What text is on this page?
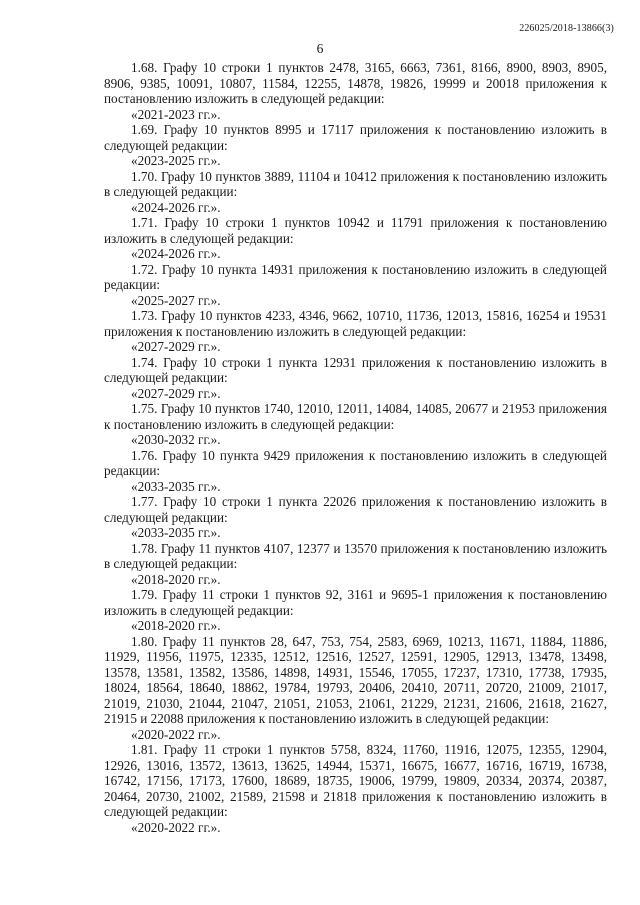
226025/2018-13866(3)
6

1.68. Графу 10 строки 1 пунктов 2478, 3165, 6663, 7361, 8166, 8900, 8903, 8905, 8906, 9385, 10091, 10807, 11584, 12255, 14878, 19826, 19999 и 20018 приложения к постановлению изложить в следующей редакции:

«2021-2023 гг.».

1.69. Графу 10 пунктов 8995 и 17117 приложения к постановлению изложить в следующей редакции:

«2023-2025 гг.».

1.70. Графу 10 пунктов 3889, 11104 и 10412 приложения к постановлению изложить в следующей редакции:

«2024-2026 гг.».

1.71. Графу 10 строки 1 пунктов 10942 и 11791 приложения к постановлению изложить в следующей редакции:

«2024-2026 гг.».

1.72. Графу 10 пункта 14931 приложения к постановлению изложить в следующей редакции:

«2025-2027 гг.».

1.73. Графу 10 пунктов 4233, 4346, 9662, 10710, 11736, 12013, 15816, 16254 и 19531 приложения к постановлению изложить в следующей редакции:

«2027-2029 гг.».

1.74. Графу 10 строки 1 пункта 12931 приложения к постановлению изложить в следующей редакции:

«2027-2029 гг.».

1.75. Графу 10 пунктов 1740, 12010, 12011, 14084, 14085, 20677 и 21953 приложения к постановлению изложить в следующей редакции:

«2030-2032 гг.».

1.76. Графу 10 пункта 9429 приложения к постановлению изложить в следующей редакции:

«2033-2035 гг.».

1.77. Графу 10 строки 1 пункта 22026 приложения к постановлению изложить в следующей редакции:

«2033-2035 гг.».

1.78. Графу 11 пунктов 4107, 12377 и 13570 приложения к постановлению изложить в следующей редакции:

«2018-2020 гг.».

1.79. Графу 11 строки 1 пунктов 92, 3161 и 9695-1 приложения к постановлению изложить в следующей редакции:

«2018-2020 гг.».

1.80. Графу 11 пунктов 28, 647, 753, 754, 2583, 6969, 10213, 11671, 11884, 11886, 11929, 11956, 11975, 12335, 12512, 12516, 12527, 12591, 12905, 12913, 13478, 13498, 13578, 13581, 13582, 13586, 14898, 14931, 15546, 17055, 17237, 17310, 17738, 17935, 18024, 18564, 18640, 18862, 19784, 19793, 20406, 20410, 20711, 20720, 21009, 21017, 21019, 21030, 21044, 21047, 21051, 21053, 21061, 21229, 21231, 21606, 21618, 21627, 21915 и 22088 приложения к постановлению изложить в следующей редакции:

«2020-2022 гг.».

1.81. Графу 11 строки 1 пунктов 5758, 8324, 11760, 11916, 12075, 12355, 12904, 12926, 13016, 13572, 13613, 13625, 14944, 15371, 16675, 16677, 16716, 16719, 16738, 16742, 17156, 17173, 17600, 18689, 18735, 19006, 19799, 19809, 20334, 20374, 20387, 20464, 20730, 21002, 21589, 21598 и 21818 приложения к постановлению изложить в следующей редакции:

«2020-2022 гг.».
